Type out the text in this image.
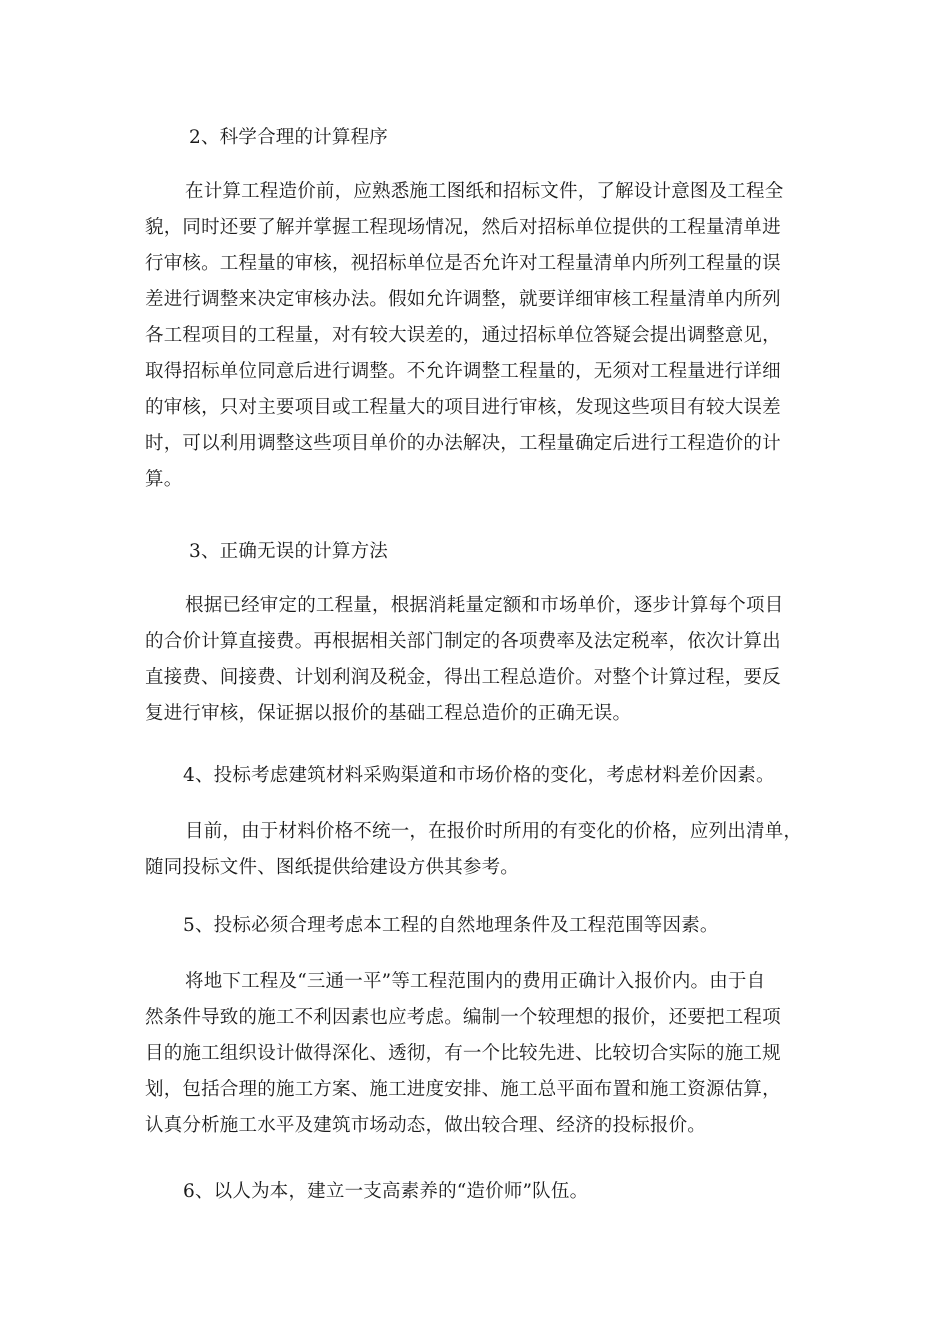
2、科学合理的计算程序

在计算工程造价前，应熟悉施工图纸和招标文件，了解设计意图及工程全
貌，同时还要了解并掌握工程现场情况，然后对招标单位提供的工程量清单进
行审核。工程量的审核，视招标单位是否允许对工程量清单内所列工程量的误
差进行调整来决定审核办法。假如允许调整，就要详细审核工程量清单内所列
各工程项目的工程量，对有较大误差的，通过招标单位答疑会提出调整意见，
取得招标单位同意后进行调整。不允许调整工程量的，无须对工程量进行详细
的审核，只对主要项目或工程量大的项目进行审核，发现这些项目有较大误差
时，可以利用调整这些项目单价的办法解决，工程量确定后进行工程造价的计
算。

3、正确无误的计算方法

根据已经审定的工程量，根据消耗量定额和市场单价，逐步计算每个项目
的合价计算直接费。再根据相关部门制定的各项费率及法定税率，依次计算出
直接费、间接费、计划利润及税金，得出工程总造价。对整个计算过程，要反
复进行审核，保证据以报价的基础工程总造价的正确无误。

4、投标考虑建筑材料采购渠道和市场价格的变化，考虑材料差价因素。

目前，由于材料价格不统一，在报价时所用的有变化的价格，应列出清单，
随同投标文件、图纸提供给建设方供其参考。

5、投标必须合理考虑本工程的自然地理条件及工程范围等因素。

将地下工程及“三通一平”等工程范围内的费用正确计入报价内。由于自
然条件导致的施工不利因素也应考虑。编制一个较理想的报价，还要把工程项
目的施工组织设计做得深化、透彻，有一个比较先进、比较切合实际的施工规
划，包括合理的施工方案、施工进度安排、施工总平面布置和施工资源估算，
认真分析施工水平及建筑市场动态，做出较合理、经济的投标报价。

6、以人为本，建立一支高素养的“造价师”队伍。
